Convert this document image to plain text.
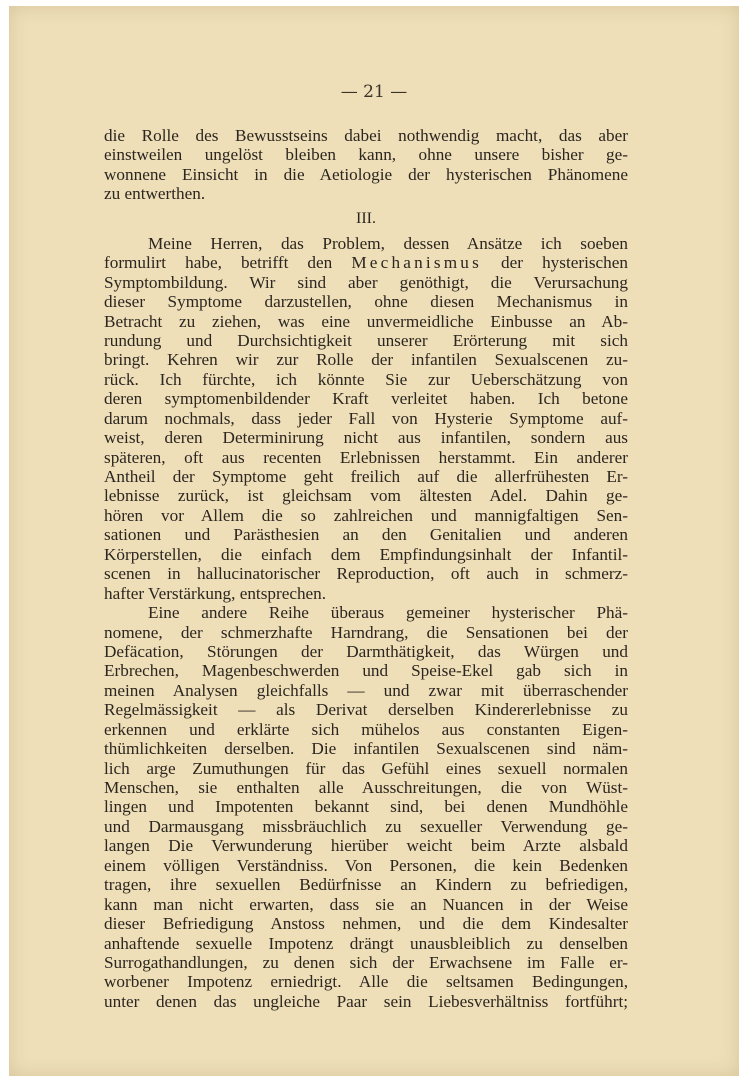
— 21 —
die Rolle des Bewusstseins dabei nothwendig macht, das aber
einstweilen ungelöst bleiben kann, ohne unsere bisher ge-
wonnene Einsicht in die Aetiologie der hysterischen Phänomene
zu entwerthen.
III.
Meine Herren, das Problem, dessen Ansätze ich soeben
formulirt habe, betrifft den Mechanismus der hysterischen
Symptombildung. Wir sind aber genöthigt, die Verursachung
dieser Symptome darzustellen, ohne diesen Mechanismus in
Betracht zu ziehen, was eine unvermeidliche Einbusse an Ab-
rundung und Durchsichtigkeit unserer Erörterung mit sich
bringt. Kehren wir zur Rolle der infantilen Sexualscenen zu-
rück. Ich fürchte, ich könnte Sie zur Ueberschätzung von
deren symptomenbildender Kraft verleitet haben. Ich betone
darum nochmals, dass jeder Fall von Hysterie Symptome auf-
weist, deren Determinirung nicht aus infantilen, sondern aus
späteren, oft aus recenten Erlebnissen herstammt. Ein anderer
Antheil der Symptome geht freilich auf die allerfrühesten Er-
lebnisse zurück, ist gleichsam vom ältesten Adel. Dahin ge-
hören vor Allem die so zahlreichen und mannigfaltigen Sen-
sationen und Parästhesien an den Genitalien und anderen
Körperstellen, die einfach dem Empfindungsinhalt der Infantil-
scenen in hallucinatorischer Reproduction, oft auch in schmerz-
hafter Verstärkung, entsprechen.
Eine andere Reihe überaus gemeiner hysterischer Phä-
nomene, der schmerzhafte Harndrang, die Sensationen bei der
Defäcation, Störungen der Darmthätigkeit, das Würgen und
Erbrechen, Magenbeschwerden und Speise-Ekel gab sich in
meinen Analysen gleichfalls — und zwar mit überraschender
Regelmässigkeit — als Derivat derselben Kindererlebnisse zu
erkennen und erklärte sich mühelos aus constanten Eigen-
thümlichkeiten derselben. Die infantilen Sexualscenen sind näm-
lich arge Zumuthungen für das Gefühl eines sexuell normalen
Menschen, sie enthalten alle Ausschreitungen, die von Wüst-
lingen und Impotenten bekannt sind, bei denen Mundhöhle
und Darmausgang missbräuchlich zu sexueller Verwendung ge-
langen Die Verwunderung hierüber weicht beim Arzte alsbald
einem völligen Verständniss. Von Personen, die kein Bedenken
tragen, ihre sexuellen Bedürfnisse an Kindern zu befriedigen,
kann man nicht erwarten, dass sie an Nuancen in der Weise
dieser Befriedigung Anstoss nehmen, und die dem Kindesalter
anhaftende sexuelle Impotenz drängt unausbleiblich zu denselben
Surrogathandlungen, zu denen sich der Erwachsene im Falle er-
worbener Impotenz erniedrigt. Alle die seltsamen Bedingungen,
unter denen das ungleiche Paar sein Liebesverhältniss fortführt;
